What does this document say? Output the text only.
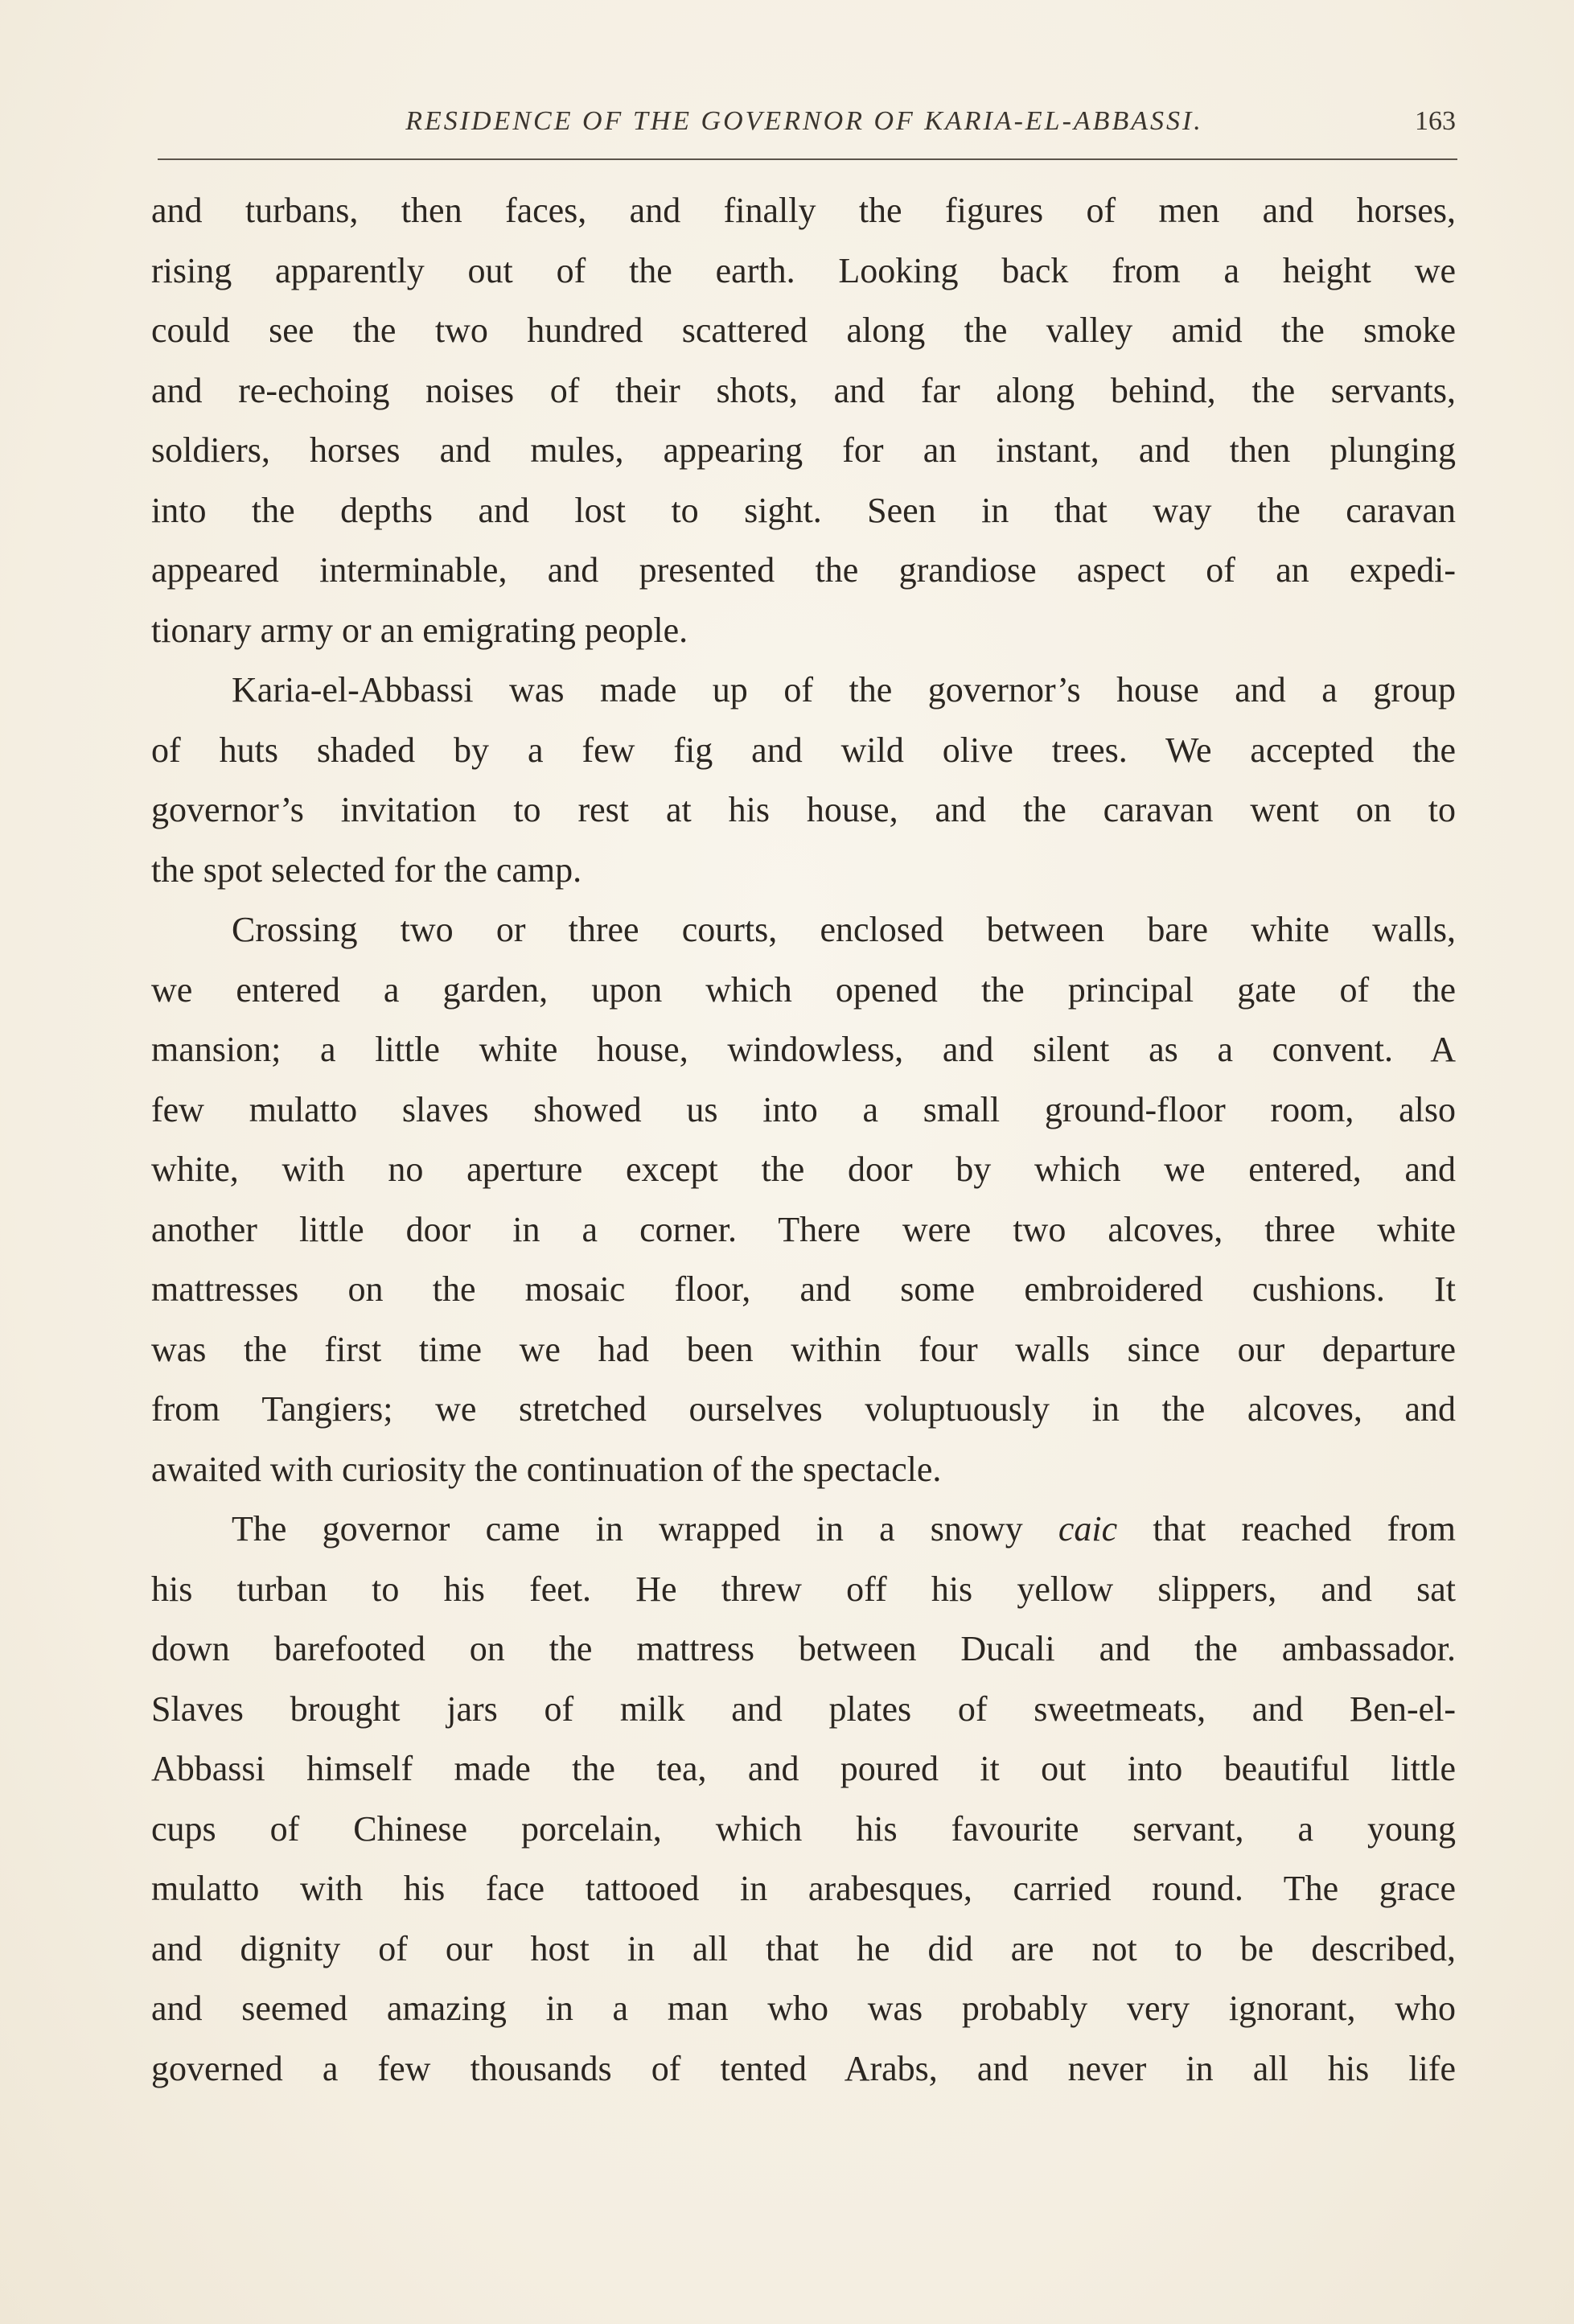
RESIDENCE OF THE GOVERNOR OF KARIA-EL-ABBASSI.	163
and turbans, then faces, and finally the figures of men and horses,
rising apparently out of the earth. Looking back from a height we
could see the two hundred scattered along the valley amid the smoke
and re-echoing noises of their shots, and far along behind, the servants,
soldiers, horses and mules, appearing for an instant, and then plunging
into the depths and lost to sight. Seen in that way the caravan
appeared interminable, and presented the grandiose aspect of an expedi-
tionary army or an emigrating people.
Karia-el-Abbassi was made up of the governor’s house and a group
of huts shaded by a few fig and wild olive trees. We accepted the
governor’s invitation to rest at his house, and the caravan went on to
the spot selected for the camp.
Crossing two or three courts, enclosed between bare white walls,
we entered a garden, upon which opened the principal gate of the
mansion; a little white house, windowless, and silent as a convent. A
few mulatto slaves showed us into a small ground-floor room, also
white, with no aperture except the door by which we entered, and
another little door in a corner. There were two alcoves, three white
mattresses on the mosaic floor, and some embroidered cushions. It
was the first time we had been within four walls since our departure
from Tangiers; we stretched ourselves voluptuously in the alcoves, and
awaited with curiosity the continuation of the spectacle.
The governor came in wrapped in a snowy caic that reached from
his turban to his feet. He threw off his yellow slippers, and sat
down barefooted on the mattress between Ducali and the ambassador.
Slaves brought jars of milk and plates of sweetmeats, and Ben-el-
Abbassi himself made the tea, and poured it out into beautiful little
cups of Chinese porcelain, which his favourite servant, a young
mulatto with his face tattooed in arabesques, carried round. The grace
and dignity of our host in all that he did are not to be described,
and seemed amazing in a man who was probably very ignorant, who
governed a few thousands of tented Arabs, and never in all his life
